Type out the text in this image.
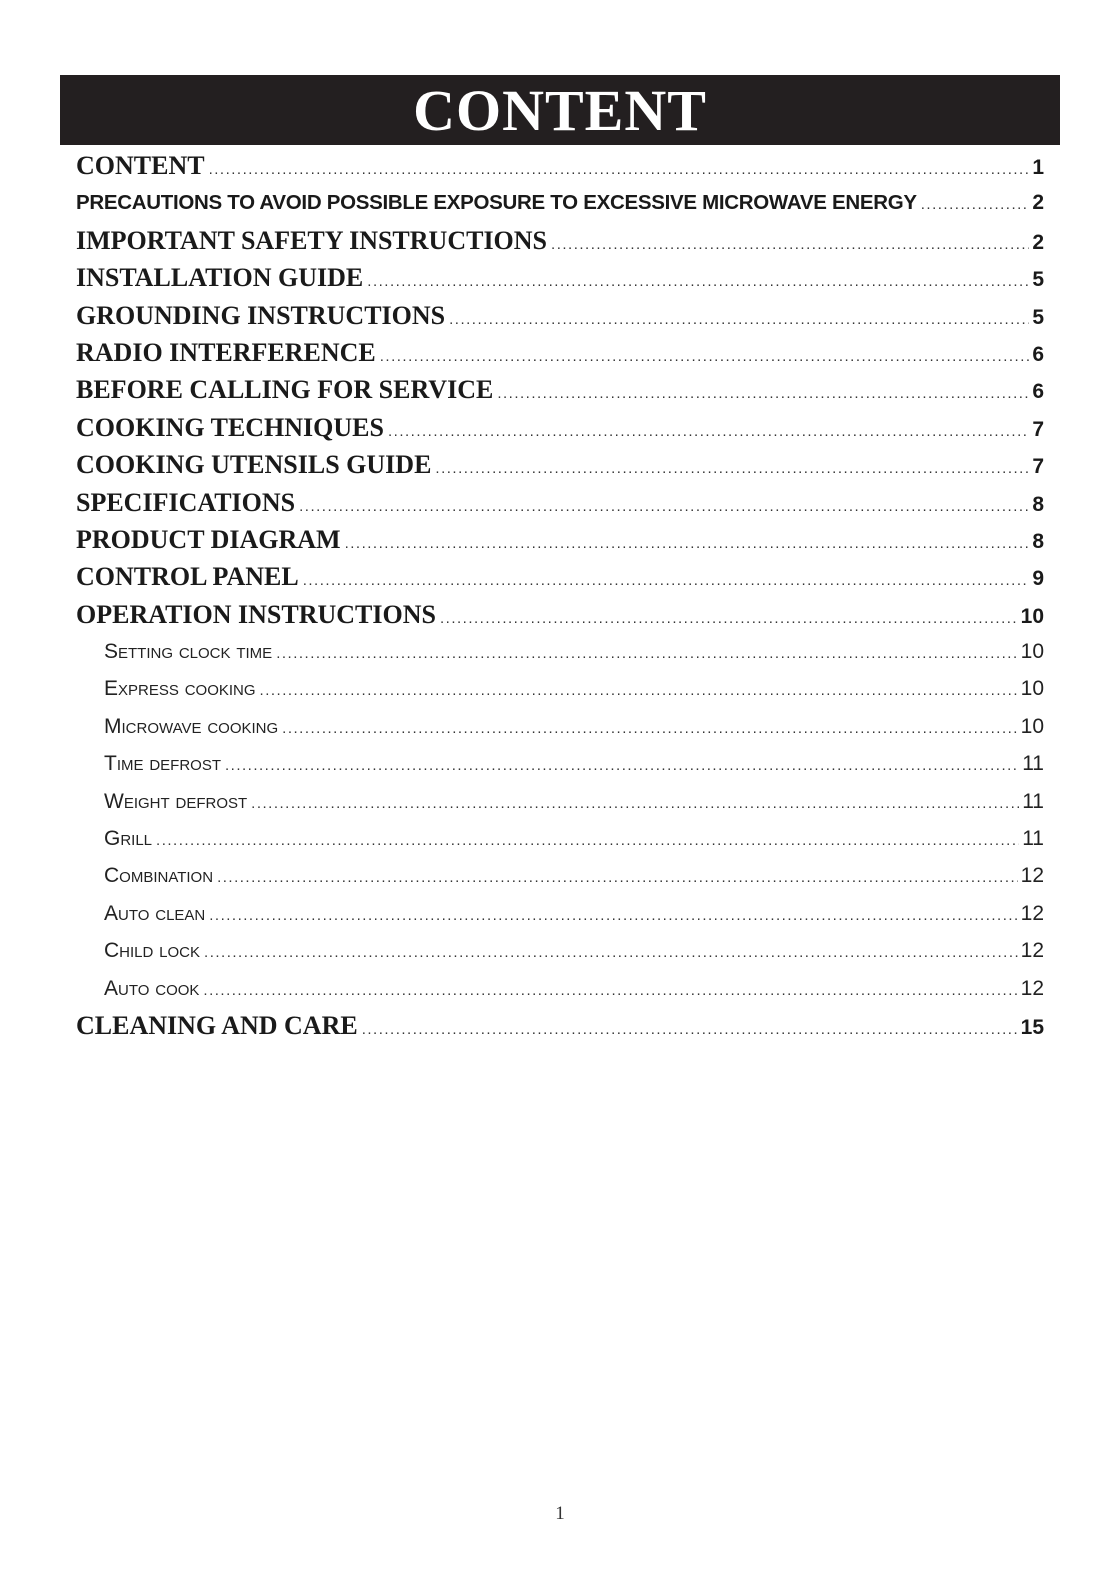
CONTENT
CONTENT .....	1
PRECAUTIONS TO AVOID POSSIBLE EXPOSURE TO EXCESSIVE MICROWAVE ENERGY .....	2
IMPORTANT SAFETY INSTRUCTIONS .....	2
INSTALLATION GUIDE .....	5
GROUNDING INSTRUCTIONS .....	5
RADIO INTERFERENCE .....	6
BEFORE CALLING FOR SERVICE .....	6
COOKING TECHNIQUES .....	7
COOKING UTENSILS GUIDE .....	7
SPECIFICATIONS .....	8
PRODUCT DIAGRAM .....	8
CONTROL PANEL .....	9
OPERATION INSTRUCTIONS .....	10
Setting clock time .....	10
Express cooking .....	10
Microwave cooking .....	10
Time defrost .....	11
Weight defrost .....	11
Grill .....	11
Combination .....	12
Auto clean .....	12
Child lock .....	12
Auto cook .....	12
CLEANING AND CARE .....	15
1
